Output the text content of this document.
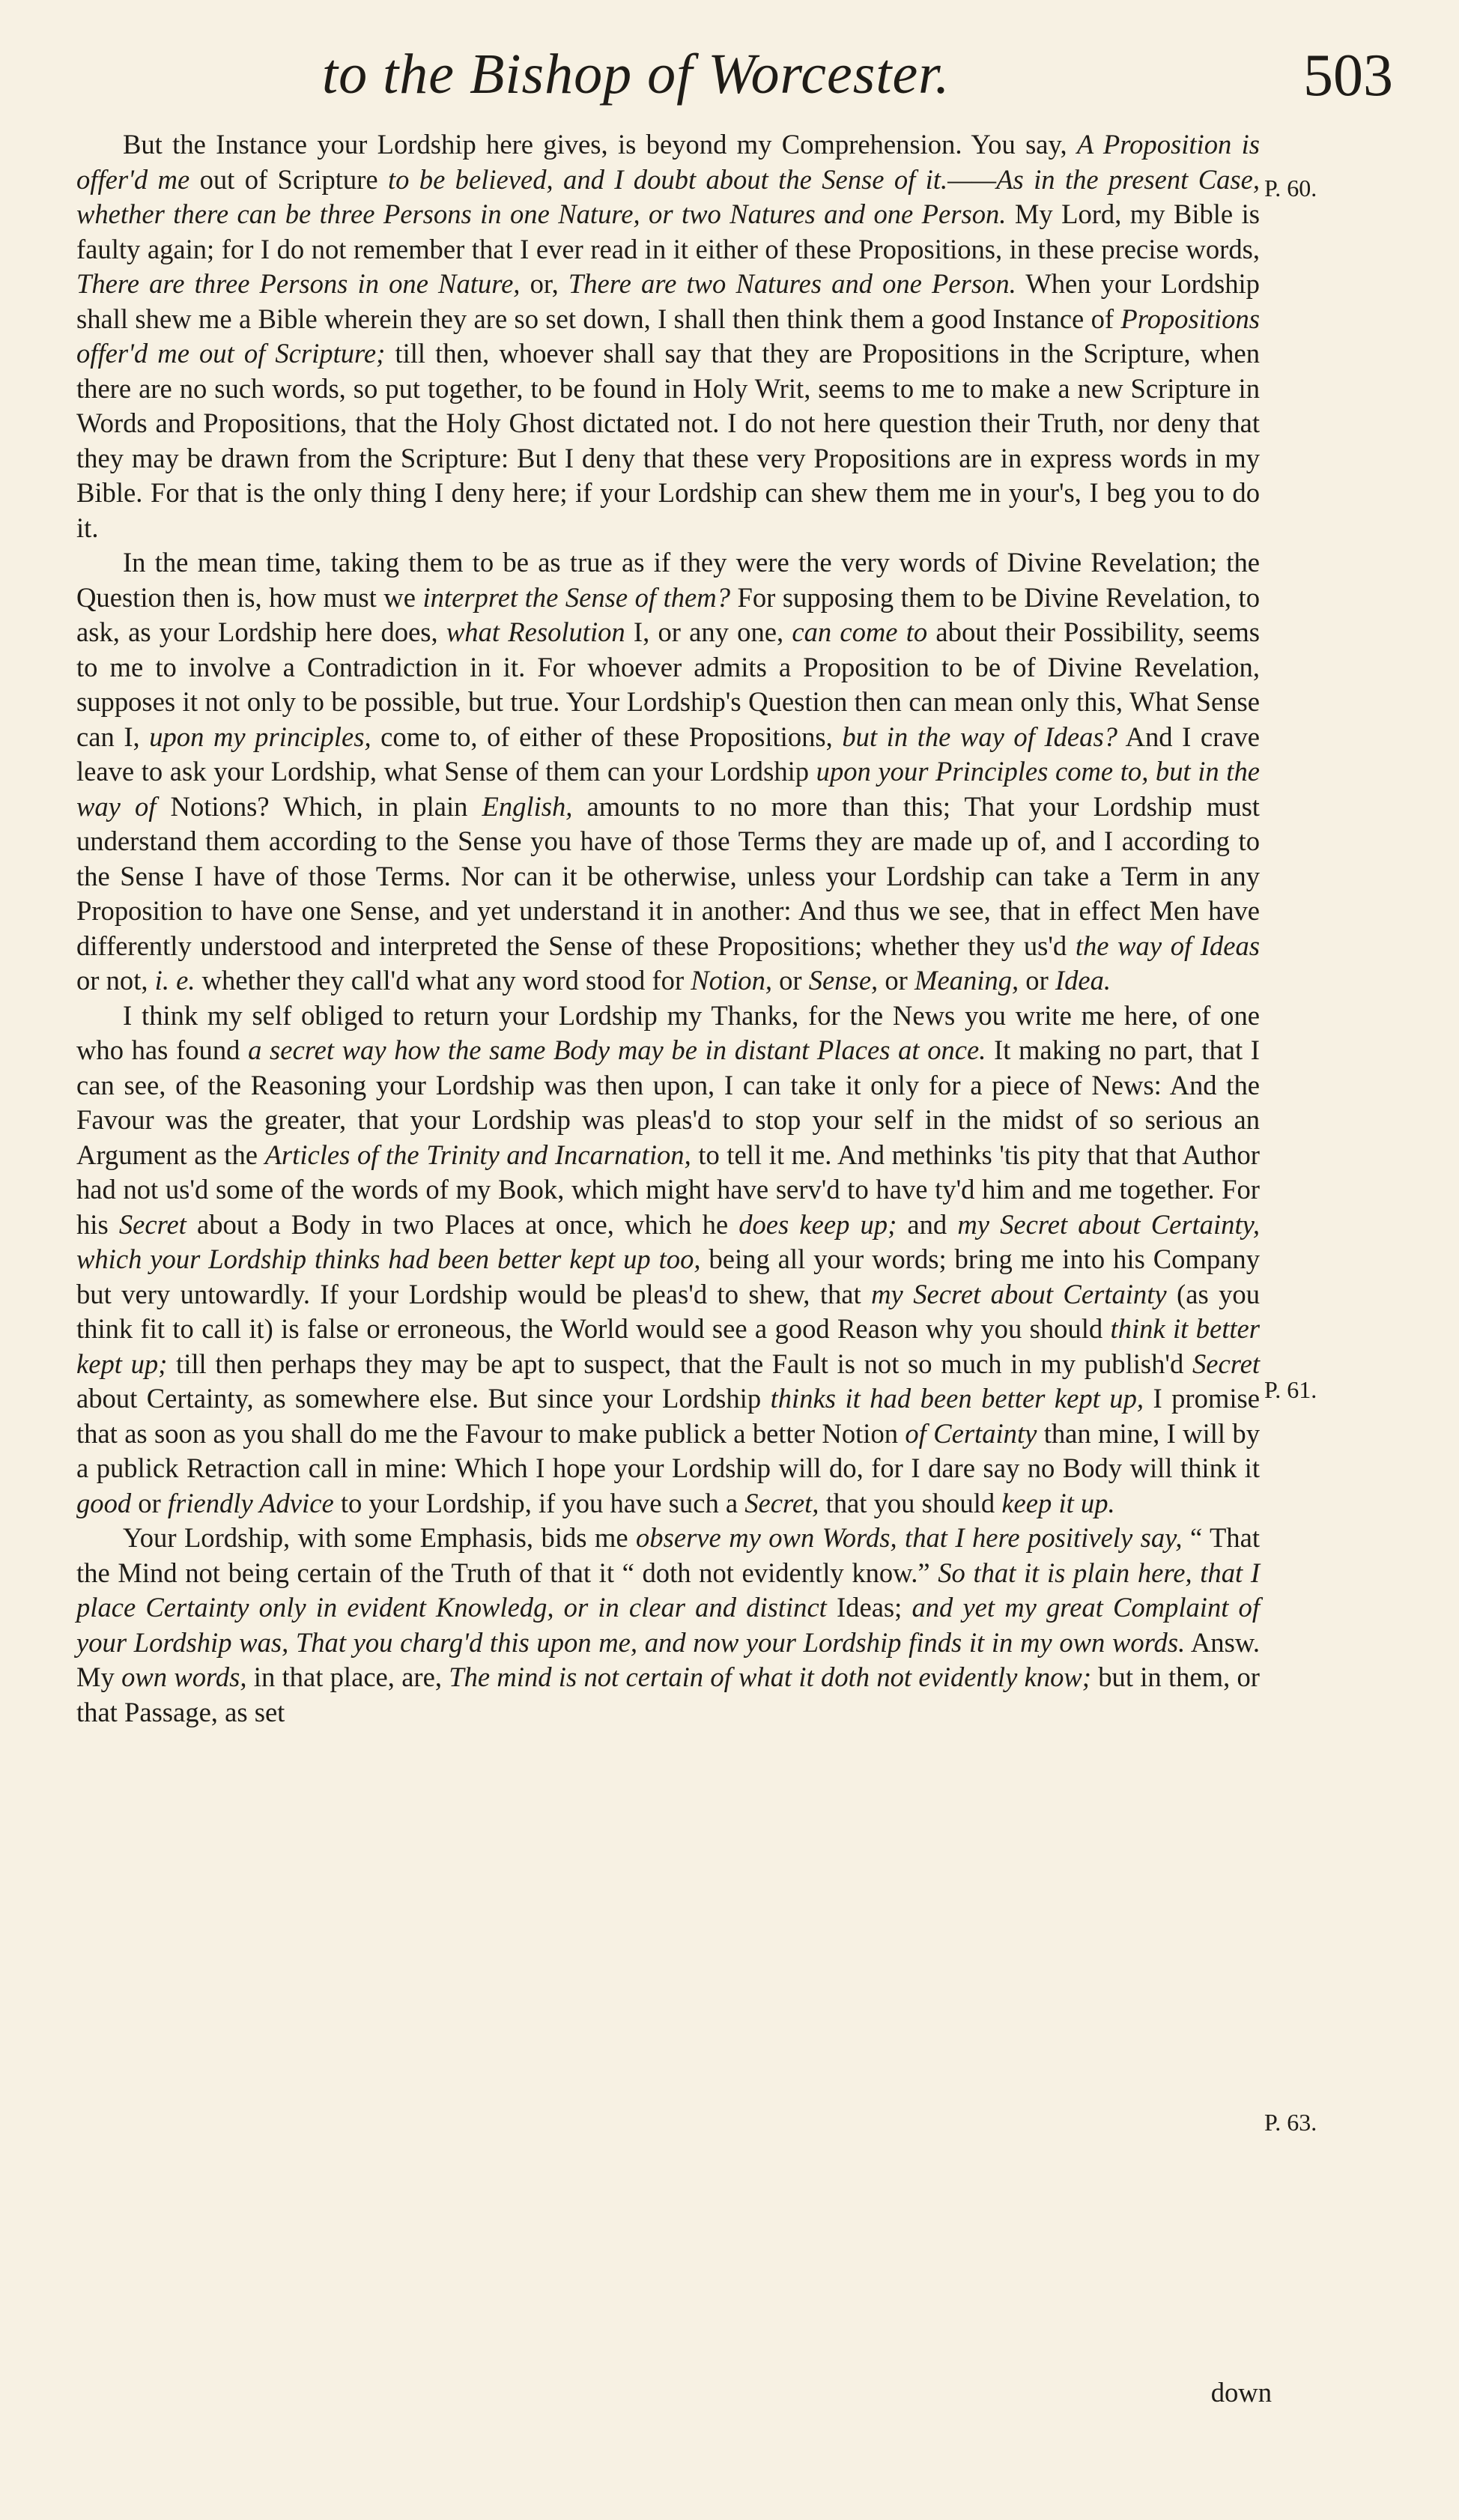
to the Bishop of Worcester.	503

But the Instance your Lordship here gives, is beyond my Comprehension. You say, A Proposition is offer'd me out of Scripture to be believed, and I doubt about the Sense of it.——As in the present Case, whether there can be three Persons in one Nature, or two Natures and one Person. My Lord, my Bible is faulty again; for I do not remember that I ever read in it either of these Propositions, in these precise words, There are three Persons in one Nature, or, There are two Natures and one Person. When your Lordship shall shew me a Bible wherein they are so set down, I shall then think them a good Instance of Propositions offer'd me out of Scripture; till then, whoever shall say that they are Propositions in the Scripture, when there are no such words, so put together, to be found in Holy Writ, seems to me to make a new Scripture in Words and Propositions, that the Holy Ghost dictated not. I do not here question their Truth, nor deny that they may be drawn from the Scripture: But I deny that these very Propositions are in express words in my Bible. For that is the only thing I deny here; if your Lordship can shew them me in your's, I beg you to do it.

In the mean time, taking them to be as true as if they were the very words of Divine Revelation; the Question then is, how must we interpret the Sense of them? For supposing them to be Divine Revelation, to ask, as your Lordship here does, what Resolution I, or any one, can come to about their Possibility, seems to me to involve a Contradiction in it. For whoever admits a Proposition to be of Divine Revelation, supposes it not only to be possible, but true. Your Lordship's Question then can mean only this, What Sense can I, upon my principles, come to, of either of these Propositions, but in the way of Ideas? And I crave leave to ask your Lordship, what Sense of them can your Lordship upon your Principles come to, but in the way of Notions? Which, in plain English, amounts to no more than this; That your Lordship must understand them according to the Sense you have of those Terms they are made up of, and I according to the Sense I have of those Terms. Nor can it be otherwise, unless your Lordship can take a Term in any Proposition to have one Sense, and yet understand it in another: And thus we see, that in effect Men have differently understood and interpreted the Sense of these Propositions; whether they us'd the way of Ideas or not, i. e. whether they call'd what any word stood for Notion, or Sense, or Meaning, or Idea.

I think my self obliged to return your Lordship my Thanks, for the News you write me here, of one who has found a secret way how the same Body may be in distant Places at once. It making no part, that I can see, of the Reasoning your Lordship was then upon, I can take it only for a piece of News: And the Favour was the greater, that your Lordship was pleas'd to stop your self in the midst of so serious an Argument as the Articles of the Trinity and Incarnation, to tell it me. And methinks 'tis pity that that Author had not us'd some of the words of my Book, which might have serv'd to have ty'd him and me together. For his Secret about a Body in two Places at once, which he does keep up; and my Secret about Certainty, which your Lordship thinks had been better kept up too, being all your words; bring me into his Company but very untowardly. If your Lordship would be pleas'd to shew, that my Secret about Certainty (as you think fit to call it) is false or erroneous, the World would see a good Reason why you should think it better kept up; till then perhaps they may be apt to suspect, that the Fault is not so much in my publish'd Secret about Certainty, as somewhere else. But since your Lordship thinks it had been better kept up, I promise that as soon as you shall do me the Favour to make publick a better Notion of Certainty than mine, I will by a publick Retraction call in mine: Which I hope your Lordship will do, for I dare say no Body will think it good or friendly Advice to your Lordship, if you have such a Secret, that you should keep it up.

Your Lordship, with some Emphasis, bids me observe my own Words, that I here positively say, “ That the Mind not being certain of the Truth of that it “ doth not evidently know.” So that it is plain here, that I place Certainty only in evident Knowledg, or in clear and distinct Ideas; and yet my great Complaint of your Lordship was, That you charg'd this upon me, and now your Lordship finds it in my own words. Answ. My own words, in that place, are, The mind is not certain of what it doth not evidently know; but in them, or that Passage, as set

P. 60.
P. 61.
P. 63.
down
